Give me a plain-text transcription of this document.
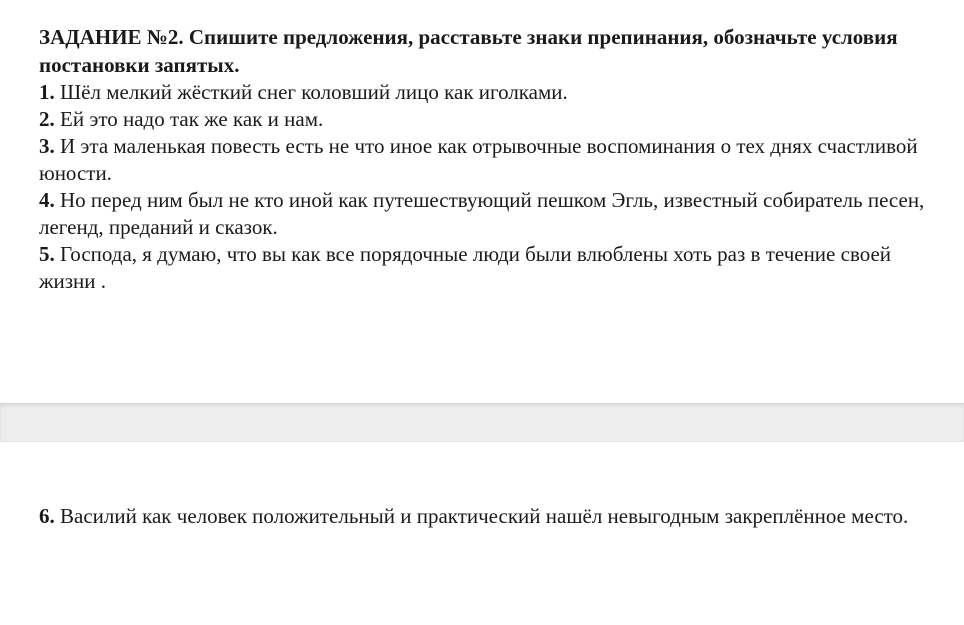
ЗАДАНИЕ №2. Спишите предложения, расставьте знаки препинания, обозначьте условия постановки запятых.

1. Шёл мелкий жёсткий снег коловший лицо как иголками.

2. Ей это надо так же как и нам.

3. И эта маленькая повесть есть не что иное как отрывочные воспоминания о тех днях счастливой юности.

4. Но перед ним был не кто иной как путешествующий пешком Эгль, известный собиратель песен, легенд, преданий и сказок.

5. Господа, я думаю, что вы как все порядочные люди были влюблены хоть раз в течение своей жизни .

6. Василий как человек положительный и практический нашёл невыгодным закреплённое место.
